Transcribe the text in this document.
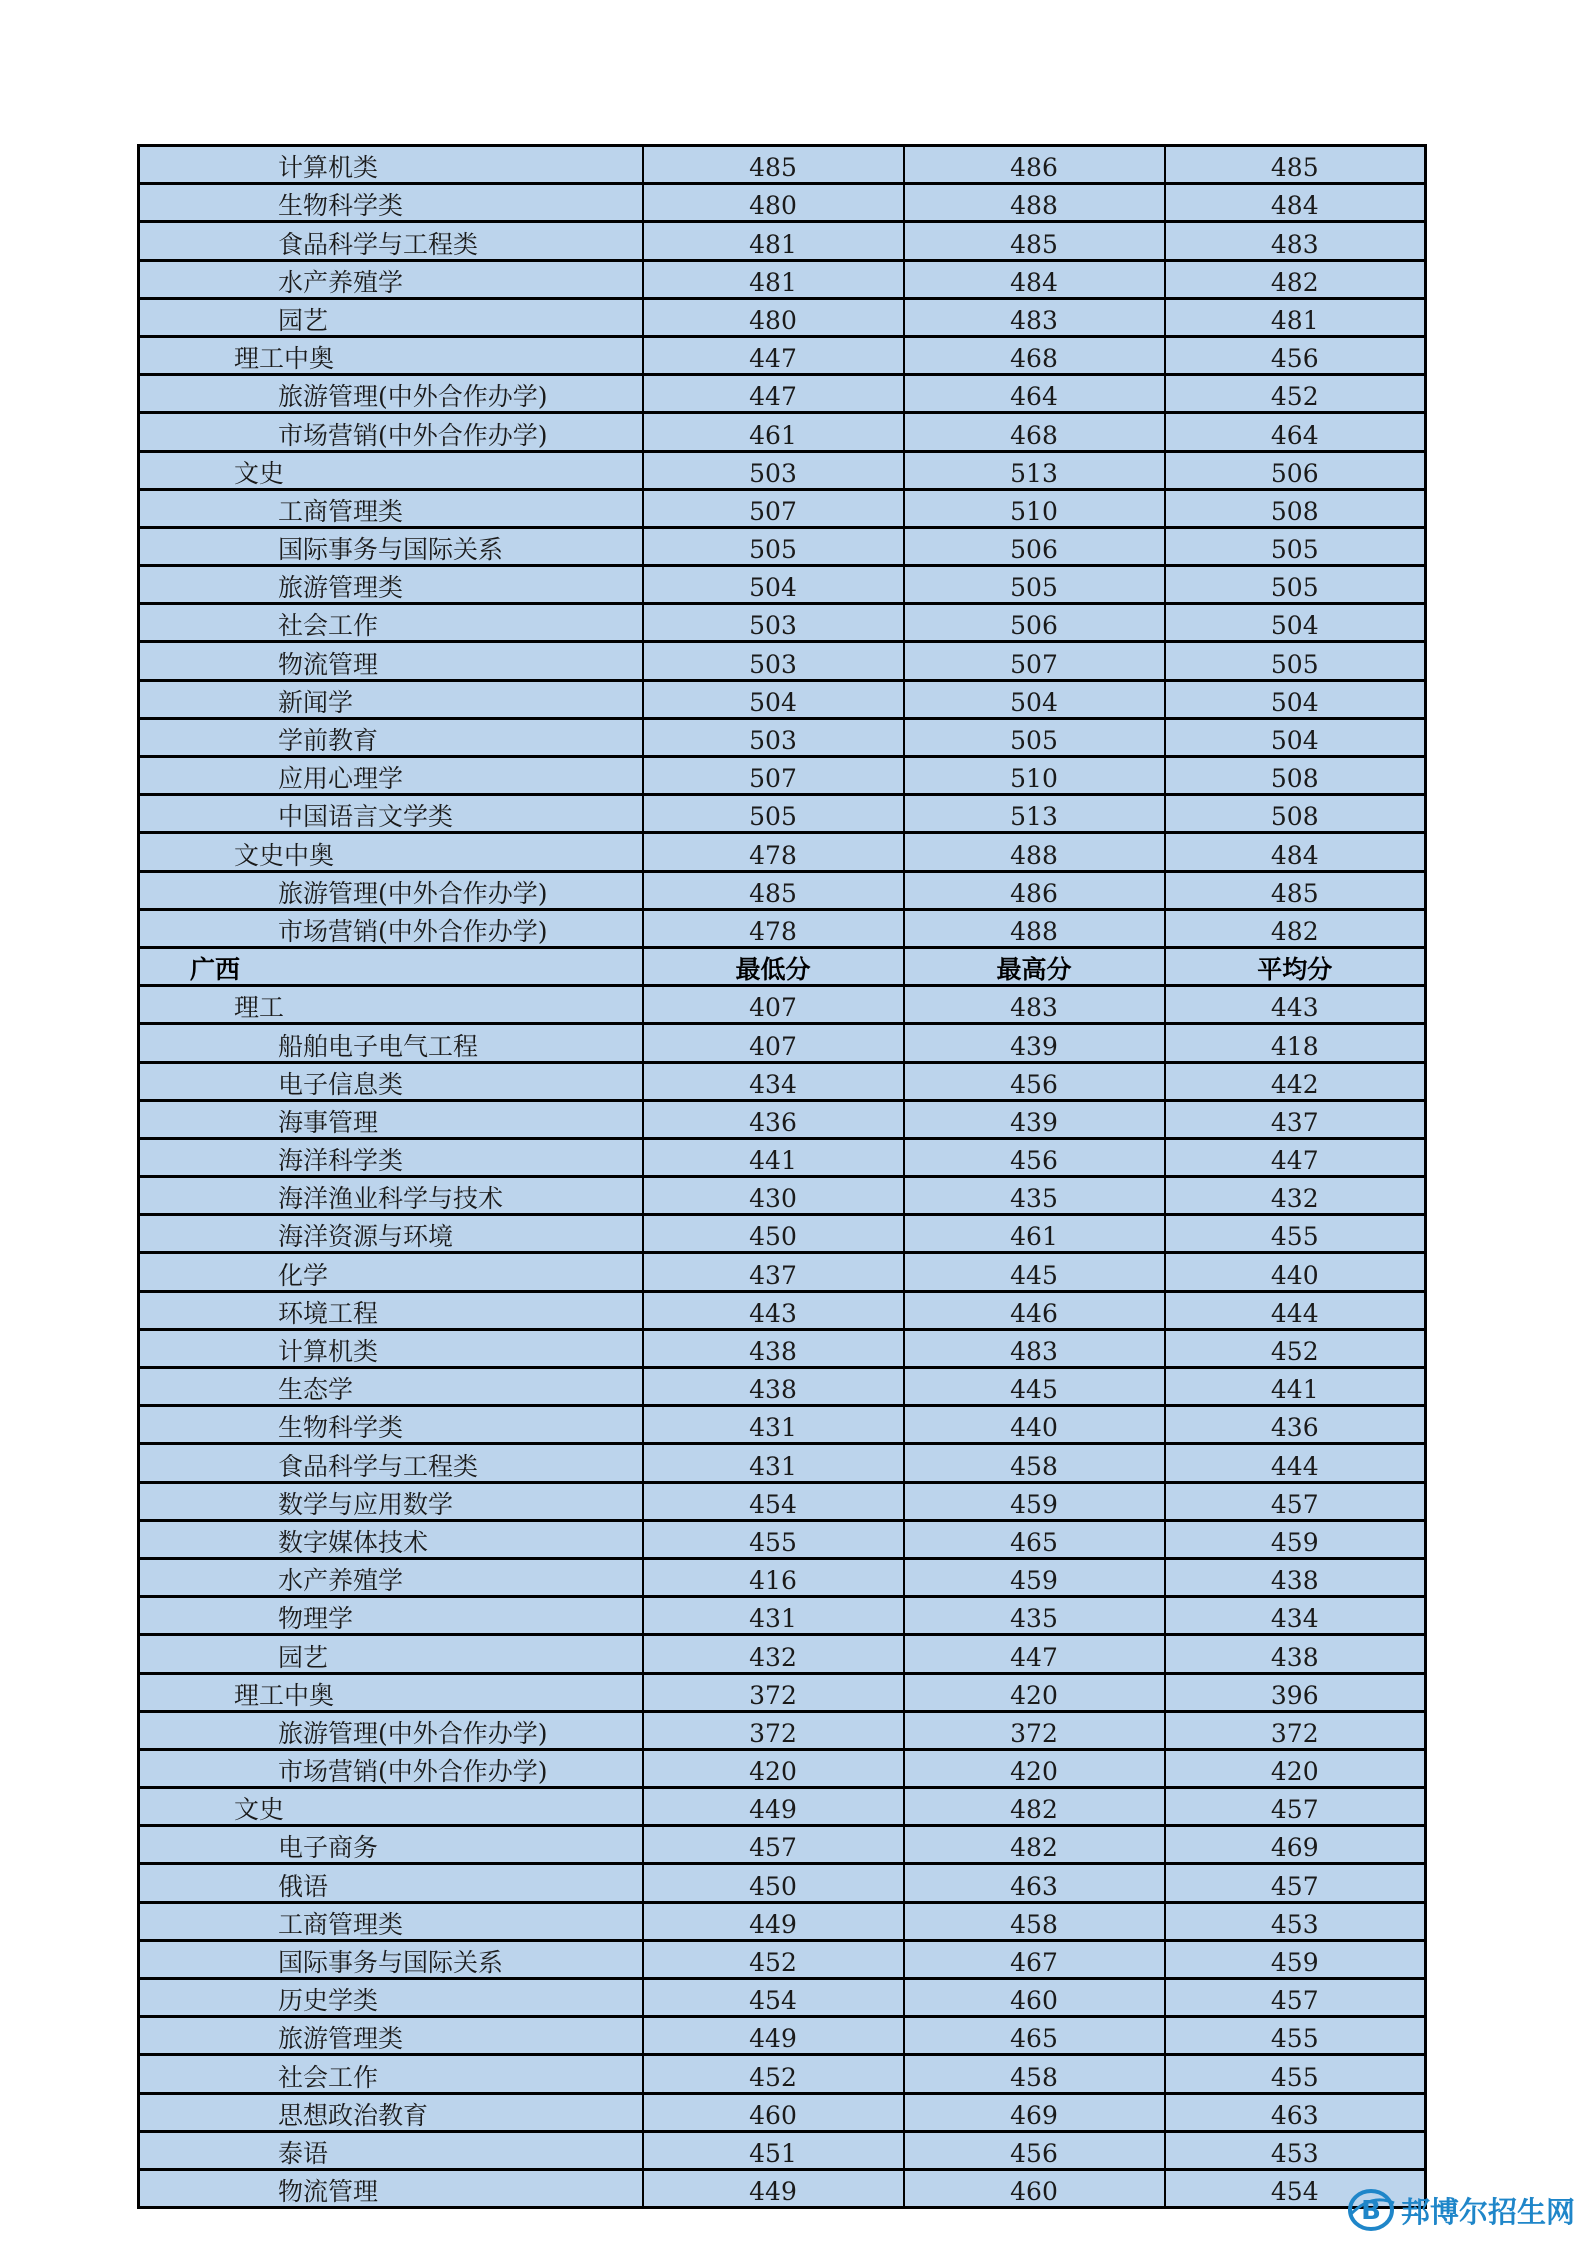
计算机类	485	486	485
生物科学类	480	488	484
食品科学与工程类	481	485	483
水产养殖学	481	484	482
园艺	480	483	481
理工中奥	447	468	456
旅游管理(中外合作办学)	447	464	452
市场营销(中外合作办学)	461	468	464
文史	503	513	506
工商管理类	507	510	508
国际事务与国际关系	505	506	505
旅游管理类	504	505	505
社会工作	503	506	504
物流管理	503	507	505
新闻学	504	504	504
学前教育	503	505	504
应用心理学	507	510	508
中国语言文学类	505	513	508
文史中奥	478	488	484
旅游管理(中外合作办学)	485	486	485
市场营销(中外合作办学)	478	488	482
广西	最低分	最高分	平均分
理工	407	483	443
船舶电子电气工程	407	439	418
电子信息类	434	456	442
海事管理	436	439	437
海洋科学类	441	456	447
海洋渔业科学与技术	430	435	432
海洋资源与环境	450	461	455
化学	437	445	440
环境工程	443	446	444
计算机类	438	483	452
生态学	438	445	441
生物科学类	431	440	436
食品科学与工程类	431	458	444
数学与应用数学	454	459	457
数字媒体技术	455	465	459
水产养殖学	416	459	438
物理学	431	435	434
园艺	432	447	438
理工中奥	372	420	396
旅游管理(中外合作办学)	372	372	372
市场营销(中外合作办学)	420	420	420
文史	449	482	457
电子商务	457	482	469
俄语	450	463	457
工商管理类	449	458	453
国际事务与国际关系	452	467	459
历史学类	454	460	457
旅游管理类	449	465	455
社会工作	452	458	455
思想政治教育	460	469	463
泰语	451	456	453
物流管理	449	460	454
B 邦博尔招生网
